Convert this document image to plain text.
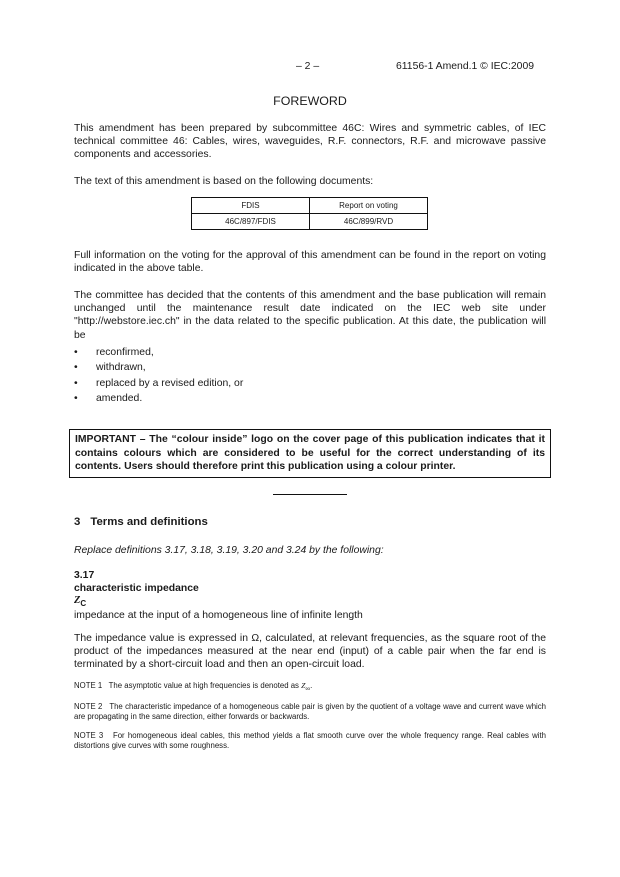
– 2 –	61156-1 Amend.1 © IEC:2009
FOREWORD
This amendment has been prepared by subcommittee 46C: Wires and symmetric cables, of IEC technical committee 46: Cables, wires, waveguides, R.F. connectors, R.F. and microwave passive components and accessories.
The text of this amendment is based on the following documents:
FDIS	Report on voting
46C/897/FDIS	46C/899/RVD
Full information on the voting for the approval of this amendment can be found in the report on voting indicated in the above table.
The committee has decided that the contents of this amendment and the base publication will remain unchanged until the maintenance result date indicated on the IEC web site under "http://webstore.iec.ch" in the data related to the specific publication. At this date, the publication will be
• reconfirmed,
• withdrawn,
• replaced by a revised edition, or
• amended.
IMPORTANT – The “colour inside” logo on the cover page of this publication indicates that it contains colours which are considered to be useful for the correct understanding of its contents. Users should therefore print this publication using a colour printer.
3 Terms and definitions
Replace definitions 3.17, 3.18, 3.19, 3.20 and 3.24 by the following:
3.17
characteristic impedance
$Z_C$
impedance at the input of a homogeneous line of infinite length
The impedance value is expressed in Ω, calculated, at relevant frequencies, as the square root of the product of the impedances measured at the near end (input) of a cable pair when the far end is terminated by a short-circuit load and then an open-circuit load.
NOTE 1 The asymptotic value at high frequencies is denoted as $Z_\infty$.
NOTE 2 The characteristic impedance of a homogeneous cable pair is given by the quotient of a voltage wave and current wave which are propagating in the same direction, either forwards or backwards.
NOTE 3 For homogeneous ideal cables, this method yields a flat smooth curve over the whole frequency range. Real cables with distortions give curves with some roughness.
